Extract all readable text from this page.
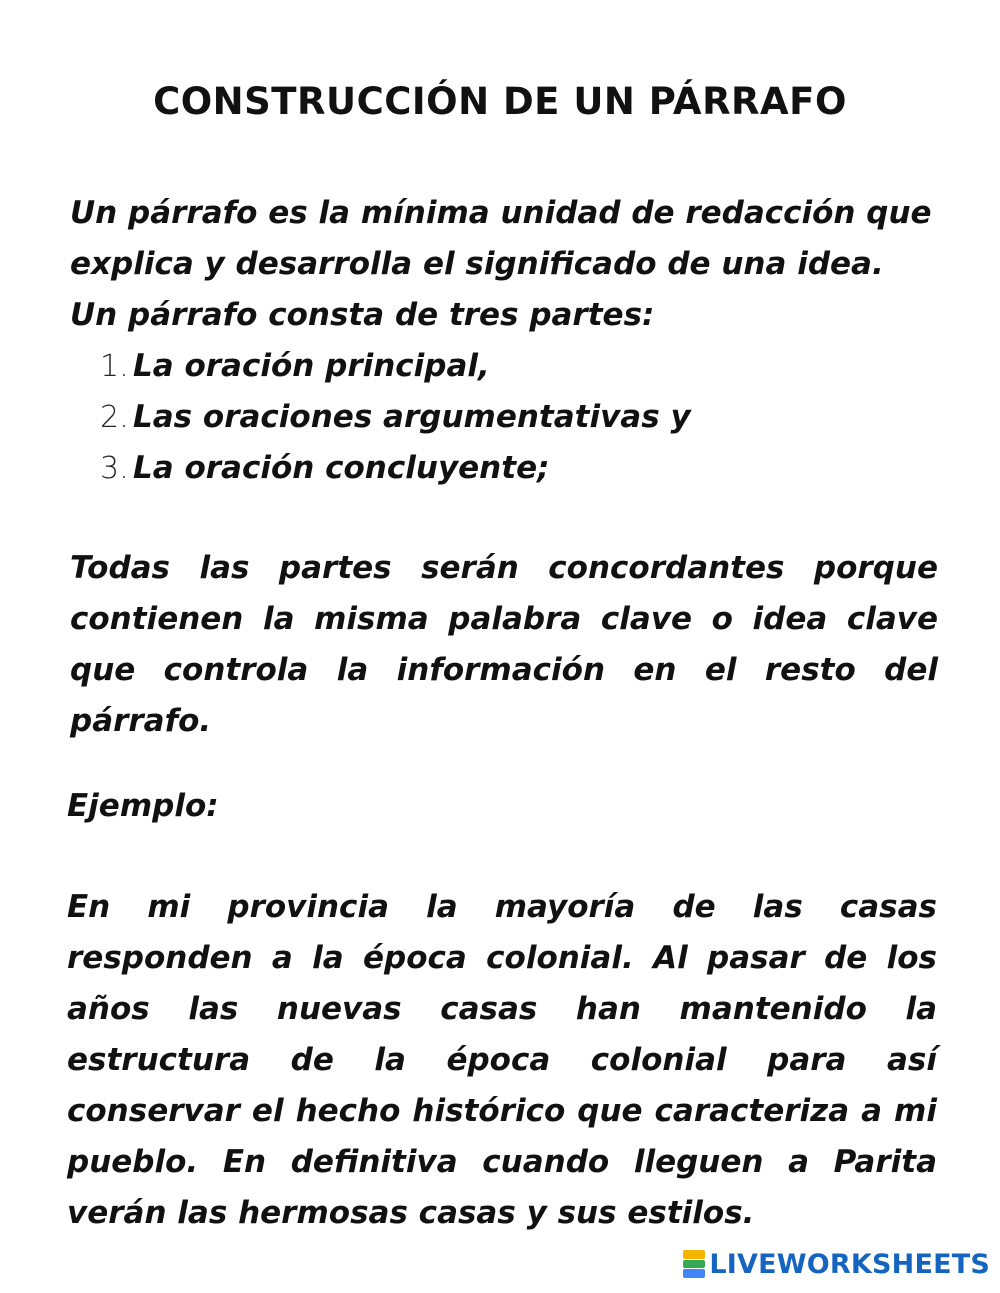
CONSTRUCCIÓN DE UN PÁRRAFO

Un párrafo es la mínima unidad de redacción que explica y desarrolla el significado de una idea. Un párrafo consta de tres partes:

1. La oración principal,
2. Las oraciones argumentativas y
3. La oración concluyente;

Todas las partes serán concordantes porque contienen la misma palabra clave o idea clave que controla la información en el resto del párrafo.

Ejemplo:

En mi provincia la mayoría de las casas responden a la época colonial. Al pasar de los años las nuevas casas han mantenido la estructura de la época colonial para así conservar el hecho histórico que caracteriza a mi pueblo. En definitiva cuando lleguen a Parita verán las hermosas casas y sus estilos.

LIVEWORKSHEETS
